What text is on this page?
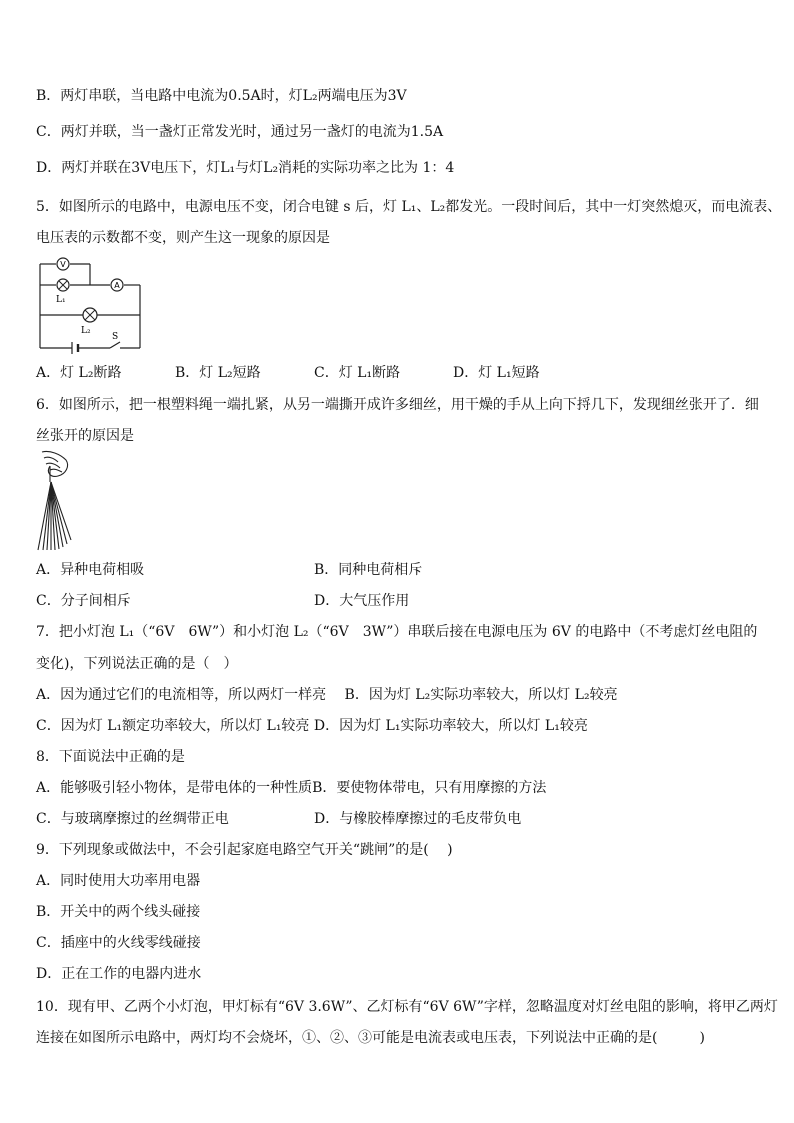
B．两灯串联，当电路中电流为0.5A时，灯L₂两端电压为3V
C．两灯并联，当一盏灯正常发光时，通过另一盏灯的电流为1.5A
D．两灯并联在3V电压下，灯L₁与灯L₂消耗的实际功率之比为 1：4
5．如图所示的电路中，电源电压不变，闭合电键 s 后，灯 L₁、L₂都发光。一段时间后，其中一灯突然熄灭，而电流表、
电压表的示数都不变，则产生这一现象的原因是
V
L₁
A
L₂
S
A．灯 L₂断路	B．灯 L₂短路	C．灯 L₁断路	D．灯 L₁短路
6．如图所示，把一根塑料绳一端扎紧，从另一端撕开成许多细丝，用干燥的手从上向下捋几下，发现细丝张开了．细
丝张开的原因是
A．异种电荷相吸	B．同种电荷相斥
C．分子间相斥	D．大气压作用
7．把小灯泡 L₁（“6V　6W”）和小灯泡 L₂（“6V　3W”）串联后接在电源电压为 6V 的电路中（不考虑灯丝电阻的
变化)，下列说法正确的是（　）
A．因为通过它们的电流相等，所以两灯一样亮　 B．因为灯 L₂实际功率较大，所以灯 L₂较亮
C．因为灯 L₁额定功率较大，所以灯 L₁较亮 D．因为灯 L₁实际功率较大，所以灯 L₁较亮
8．下面说法中正确的是
A．能够吸引轻小物体，是带电体的一种性质B．要使物体带电，只有用摩擦的方法
C．与玻璃摩擦过的丝绸带正电	D．与橡胶棒摩擦过的毛皮带负电
9．下列现象或做法中，不会引起家庭电路空气开关“跳闸”的是(　 )
A．同时使用大功率用电器
B．开关中的两个线头碰接
C．插座中的火线零线碰接
D．正在工作的电器内进水
10．现有甲、乙两个小灯泡，甲灯标有“6V 3.6W”、乙灯标有“6V 6W”字样，忽略温度对灯丝电阻的影响，将甲乙两灯
连接在如图所示电路中，两灯均不会烧坏，①、②、③可能是电流表或电压表，下列说法中正确的是(　　　)
